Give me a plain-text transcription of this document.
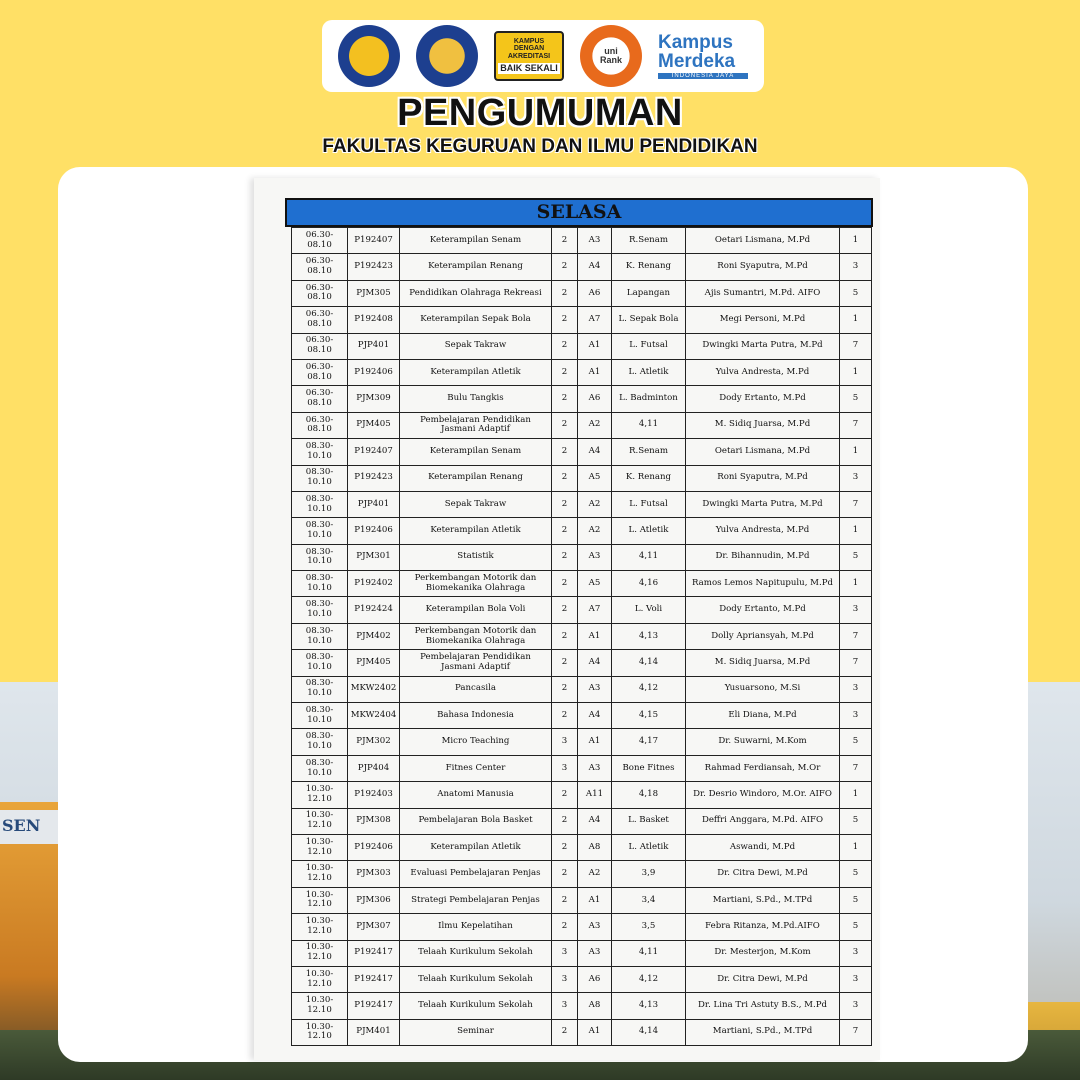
SEN
KAMPUS
DENGAN
AKREDITASI
BAIK SEKALI
uni
Rank
Kampus
Merdeka
INDONESIA JAYA
PENGUMUMAN
FAKULTAS KEGURUAN DAN ILMU PENDIDIKAN
SELASA
06.30-08.10	P192407	Keterampilan Senam	2	A3	R.Senam	Oetari Lismana, M.Pd	1
06.30-08.10	P192423	Keterampilan Renang	2	A4	K. Renang	Roni Syaputra, M.Pd	3
06.30-08.10	PJM305	Pendidikan Olahraga Rekreasi	2	A6	Lapangan	Ajis Sumantri, M.Pd. AIFO	5
06.30-08.10	P192408	Keterampilan Sepak Bola	2	A7	L. Sepak Bola	Megi Personi, M.Pd	1
06.30-08.10	PJP401	Sepak Takraw	2	A1	L. Futsal	Dwingki Marta Putra, M.Pd	7
06.30-08.10	P192406	Keterampilan Atletik	2	A1	L. Atletik	Yulva Andresta, M.Pd	1
06.30-08.10	PJM309	Bulu Tangkis	2	A6	L. Badminton	Dody Ertanto, M.Pd	5
06.30-08.10	PJM405	Pembelajaran Pendidikan Jasmani Adaptif	2	A2	4,11	M. Sidiq Juarsa, M.Pd	7
08.30-10.10	P192407	Keterampilan Senam	2	A4	R.Senam	Oetari Lismana, M.Pd	1
08.30-10.10	P192423	Keterampilan Renang	2	A5	K. Renang	Roni Syaputra, M.Pd	3
08.30-10.10	PJP401	Sepak Takraw	2	A2	L. Futsal	Dwingki Marta Putra, M.Pd	7
08.30-10.10	P192406	Keterampilan Atletik	2	A2	L. Atletik	Yulva Andresta, M.Pd	1
08.30-10.10	PJM301	Statistik	2	A3	4,11	Dr. Bihannudin, M.Pd	5
08.30-10.10	P192402	Perkembangan Motorik dan Biomekanika Olahraga	2	A5	4,16	Ramos Lemos Napitupulu, M.Pd	1
08.30-10.10	P192424	Keterampilan Bola Voli	2	A7	L. Voli	Dody Ertanto, M.Pd	3
08.30-10.10	PJM402	Perkembangan Motorik dan Biomekanika Olahraga	2	A1	4,13	Dolly Apriansyah, M.Pd	7
08.30-10.10	PJM405	Pembelajaran Pendidikan Jasmani Adaptif	2	A4	4,14	M. Sidiq Juarsa, M.Pd	7
08.30-10.10	MKW2402	Pancasila	2	A3	4,12	Yusuarsono, M.Si	3
08.30-10.10	MKW2404	Bahasa Indonesia	2	A4	4,15	Eli Diana, M.Pd	3
08.30-10.10	PJM302	Micro Teaching	3	A1	4,17	Dr. Suwarni, M.Kom	5
08.30-10.10	PJP404	Fitnes Center	3	A3	Bone Fitnes	Rahmad Ferdiansah, M.Or	7
10.30-12.10	P192403	Anatomi Manusia	2	A11	4,18	Dr. Desrio Windoro, M.Or. AIFO	1
10.30-12.10	PJM308	Pembelajaran Bola Basket	2	A4	L. Basket	Deffri Anggara, M.Pd. AIFO	5
10.30-12.10	P192406	Keterampilan Atletik	2	A8	L. Atletik	Aswandi, M.Pd	1
10.30-12.10	PJM303	Evaluasi Pembelajaran Penjas	2	A2	3,9	Dr. Citra Dewi, M.Pd	5
10.30-12.10	PJM306	Strategi Pembelajaran Penjas	2	A1	3,4	Martiani, S.Pd., M.TPd	5
10.30-12.10	PJM307	Ilmu Kepelatihan	2	A3	3,5	Febra Ritanza, M.Pd.AIFO	5
10.30-12.10	P192417	Telaah Kurikulum Sekolah	3	A3	4,11	Dr. Mesterjon, M.Kom	3
10.30-12.10	P192417	Telaah Kurikulum Sekolah	3	A6	4,12	Dr. Citra Dewi, M.Pd	3
10.30-12.10	P192417	Telaah Kurikulum Sekolah	3	A8	4,13	Dr. Lina Tri Astuty B.S., M.Pd	3
10.30-12.10	PJM401	Seminar	2	A1	4,14	Martiani, S.Pd., M.TPd	7
